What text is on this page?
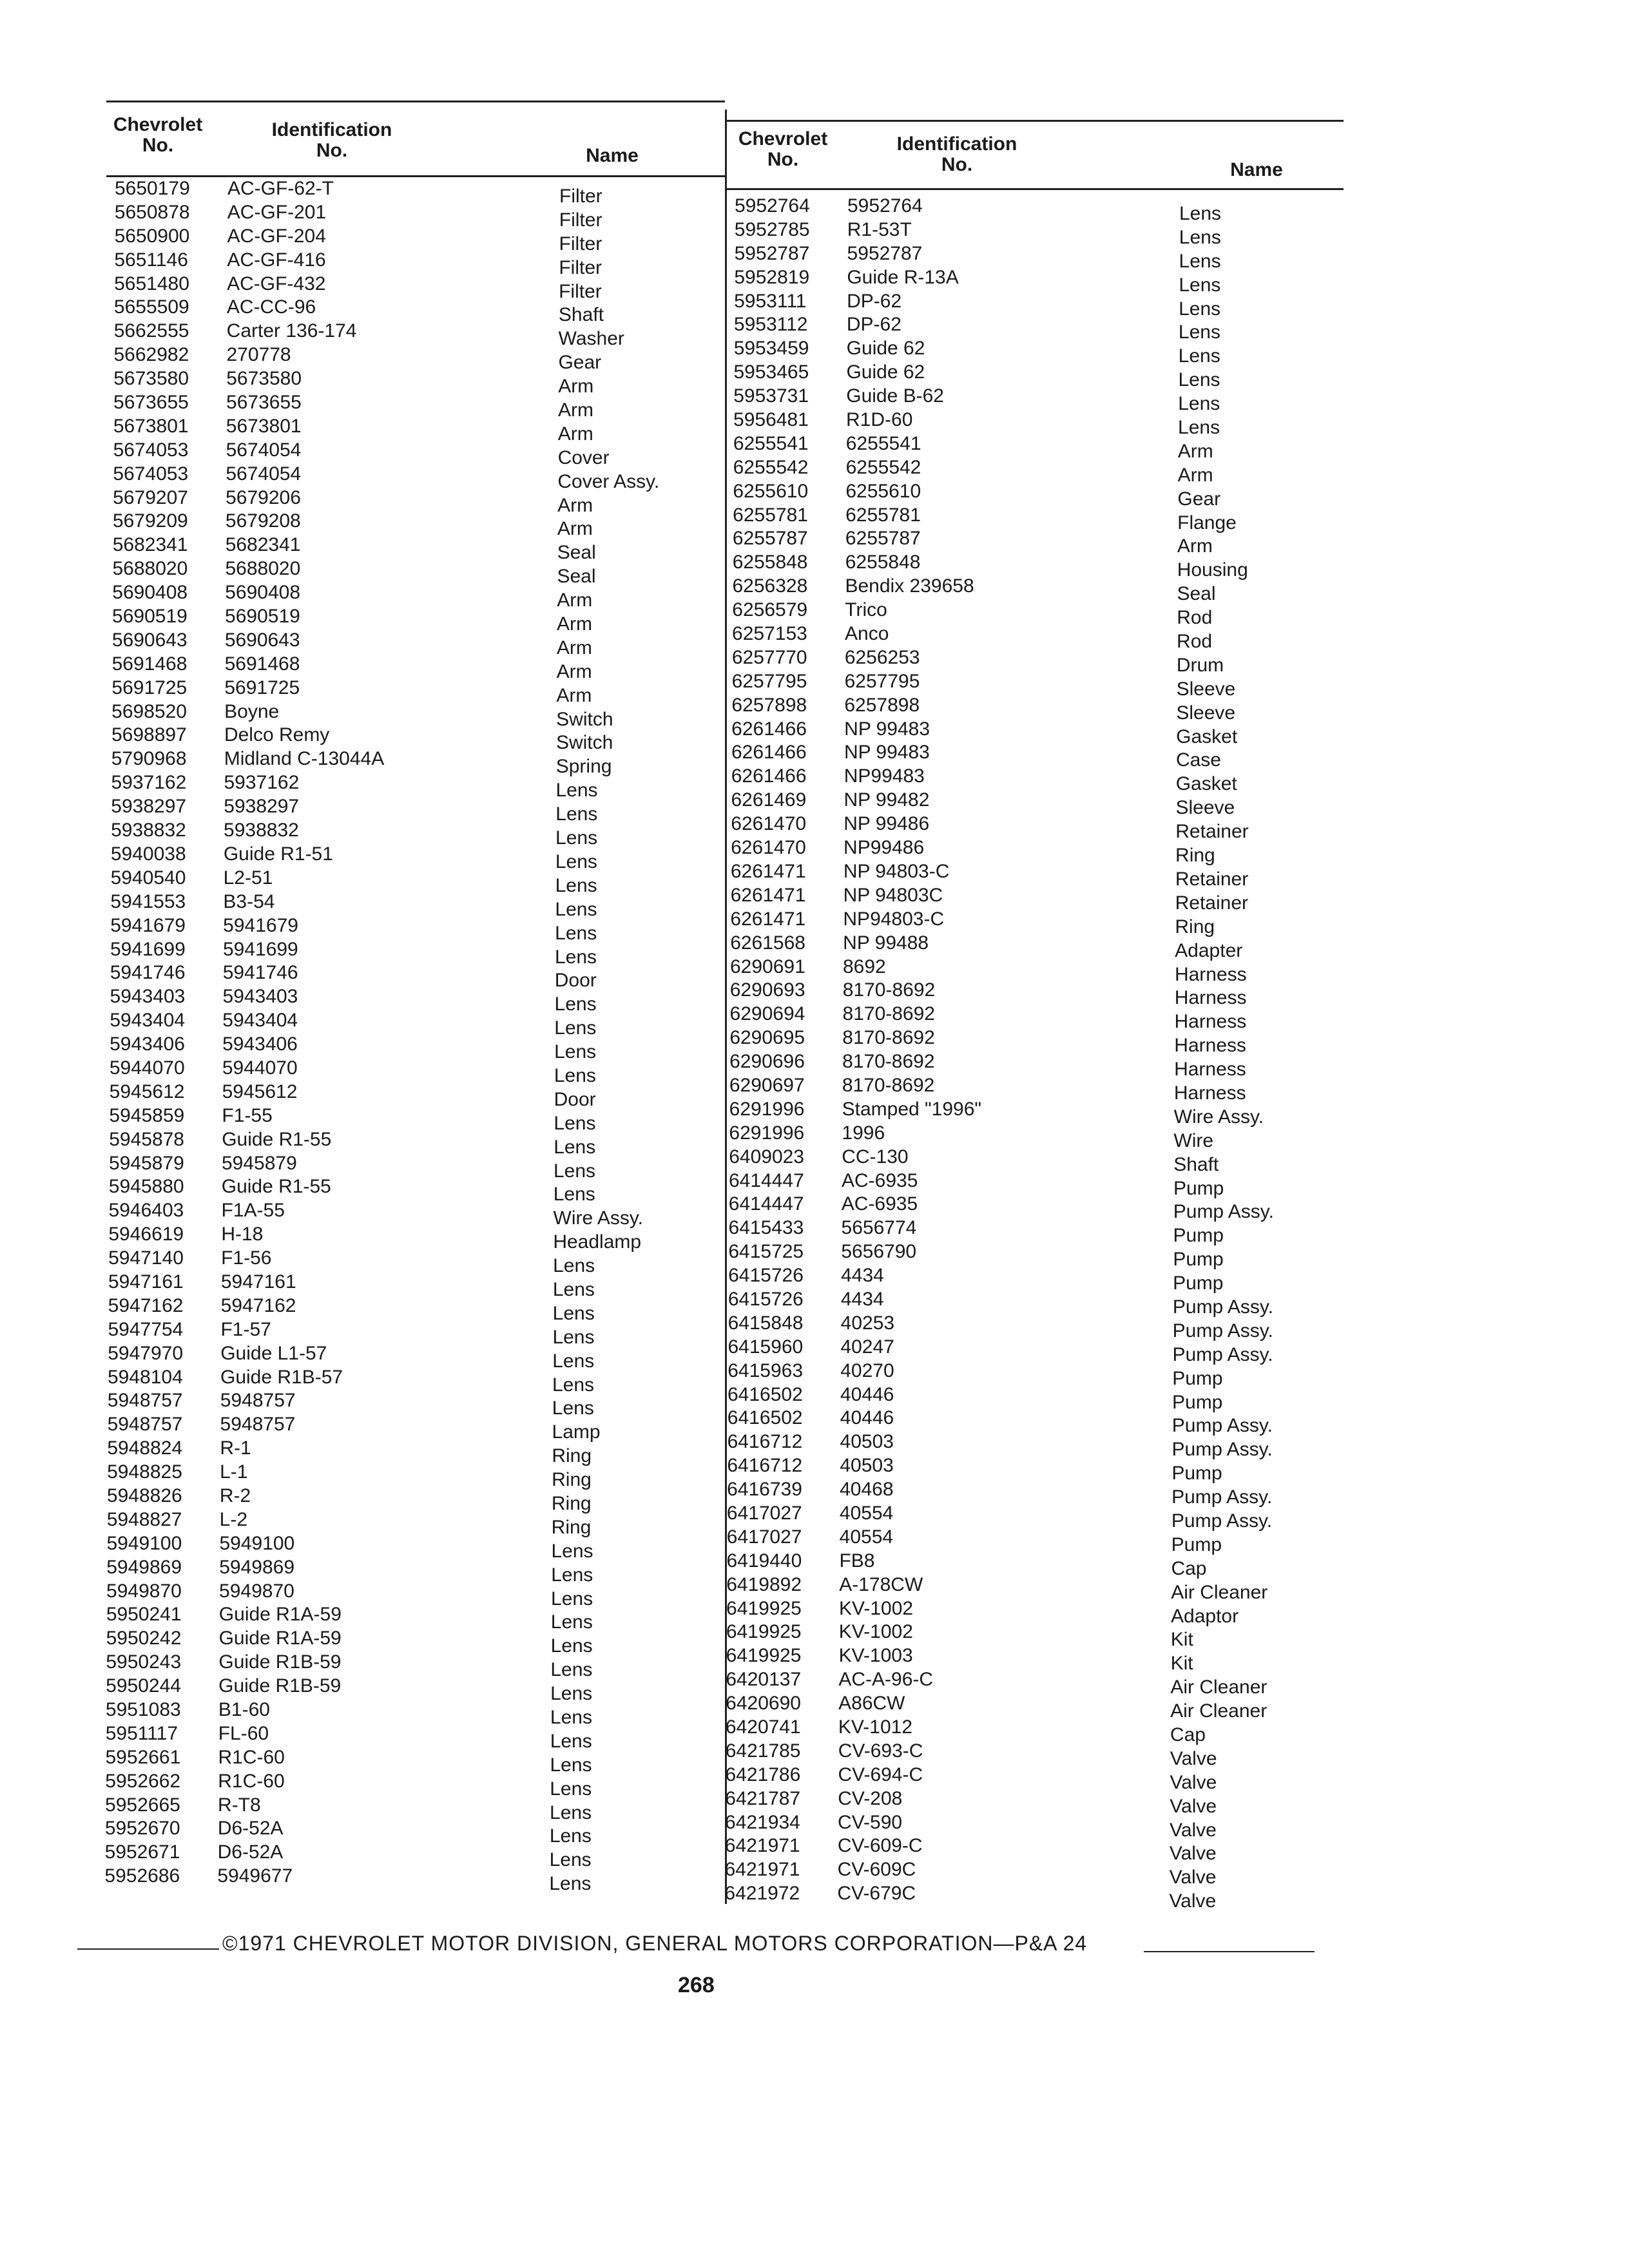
Chevrolet
No.
Identification
No.	Name
Chevrolet
No.
Identification
No.	Name
5650179 AC-GF-62-T	Filter
5650878 AC-GF-201	Filter
5650900 AC-GF-204	Filter
5651146 AC-GF-416	Filter
5651480 AC-GF-432	Filter
5655509 AC-CC-96	Shaft
5662555 Carter 136-174	Washer
5662982 270778	Gear
5673580 5673580	Arm
5673655 5673655	Arm
5673801 5673801	Arm
5674053 5674054	Cover
5674053 5674054	Cover Assy.
5679207 5679206	Arm
5679209 5679208	Arm
5682341 5682341	Seal
5688020 5688020	Seal
5690408 5690408	Arm
5690519 5690519	Arm
5690643 5690643	Arm
5691468 5691468	Arm
5691725 5691725	Arm
5698520 Boyne	Switch
5698897 Delco Remy	Switch
5790968 Midland C-13044A	Spring
5937162 5937162	Lens
5938297 5938297	Lens
5938832 5938832	Lens
5940038 Guide R1-51	Lens
5940540 L2-51	Lens
5941553 B3-54	Lens
5941679 5941679	Lens
5941699 5941699	Lens
5941746 5941746	Door
5943403 5943403	Lens
5943404 5943404	Lens
5943406 5943406	Lens
5944070 5944070	Lens
5945612 5945612	Door
5945859 F1-55	Lens
5945878 Guide R1-55	Lens
5945879 5945879	Lens
5945880 Guide R1-55	Lens
5946403 F1A-55	Wire Assy.
5946619 H-18	Headlamp
5947140 F1-56	Lens
5947161 5947161	Lens
5947162 5947162	Lens
5947754 F1-57	Lens
5947970 Guide L1-57	Lens
5948104 Guide R1B-57	Lens
5948757 5948757	Lens
5948757 5948757	Lamp
5948824 R-1	Ring
5948825 L-1	Ring
5948826 R-2	Ring
5948827 L-2	Ring
5949100 5949100	Lens
5949869 5949869	Lens
5949870 5949870	Lens
5950241 Guide R1A-59	Lens
5950242 Guide R1A-59	Lens
5950243 Guide R1B-59	Lens
5950244 Guide R1B-59	Lens
5951083 B1-60	Lens
5951117 FL-60	Lens
5952661 R1C-60	Lens
5952662 R1C-60	Lens
5952665 R-T8	Lens
5952670 D6-52A	Lens
5952671 D6-52A	Lens
5952686 5949677	Lens
5952764 5952764	Lens
5952785 R1-53T	Lens
5952787 5952787	Lens
5952819 Guide R-13A	Lens
5953111 DP-62	Lens
5953112 DP-62	Lens
5953459 Guide 62	Lens
5953465 Guide 62	Lens
5953731 Guide B-62	Lens
5956481 R1D-60	Lens
6255541 6255541	Arm
6255542 6255542	Arm
6255610 6255610	Gear
6255781 6255781	Flange
6255787 6255787	Arm
6255848 6255848	Housing
6256328 Bendix 239658	Seal
6256579 Trico	Rod
6257153 Anco	Rod
6257770 6256253	Drum
6257795 6257795	Sleeve
6257898 6257898	Sleeve
6261466 NP 99483	Gasket
6261466 NP 99483	Case
6261466 NP99483	Gasket
6261469 NP 99482	Sleeve
6261470 NP 99486	Retainer
6261470 NP99486	Ring
6261471 NP 94803-C	Retainer
6261471 NP 94803C	Retainer
6261471 NP94803-C	Ring
6261568 NP 99488	Adapter
6290691 8692	Harness
6290693 8170-8692	Harness
6290694 8170-8692	Harness
6290695 8170-8692	Harness
6290696 8170-8692	Harness
6290697 8170-8692	Harness
6291996 Stamped "1996"	Wire Assy.
6291996 1996	Wire
6409023 CC-130	Shaft
6414447 AC-6935	Pump
6414447 AC-6935	Pump Assy.
6415433 5656774	Pump
6415725 5656790	Pump
6415726 4434	Pump
6415726 4434	Pump Assy.
6415848 40253	Pump Assy.
6415960 40247	Pump Assy.
6415963 40270	Pump
6416502 40446	Pump
6416502 40446	Pump Assy.
6416712 40503	Pump Assy.
6416712 40503	Pump
6416739 40468	Pump Assy.
6417027 40554	Pump Assy.
6417027 40554	Pump
6419440 FB8	Cap
6419892 A-178CW	Air Cleaner
6419925 KV-1002	Adaptor
6419925 KV-1002	Kit
6419925 KV-1003	Kit
6420137 AC-A-96-C	Air Cleaner
6420690 A86CW	Air Cleaner
6420741 KV-1012	Cap
6421785 CV-693-C	Valve
6421786 CV-694-C	Valve
6421787 CV-208	Valve
6421934 CV-590	Valve
6421971 CV-609-C	Valve
6421971 CV-609C	Valve
6421972 CV-679C	Valve
©1971 CHEVROLET MOTOR DIVISION, GENERAL MOTORS CORPORATION—P&A 24
268
